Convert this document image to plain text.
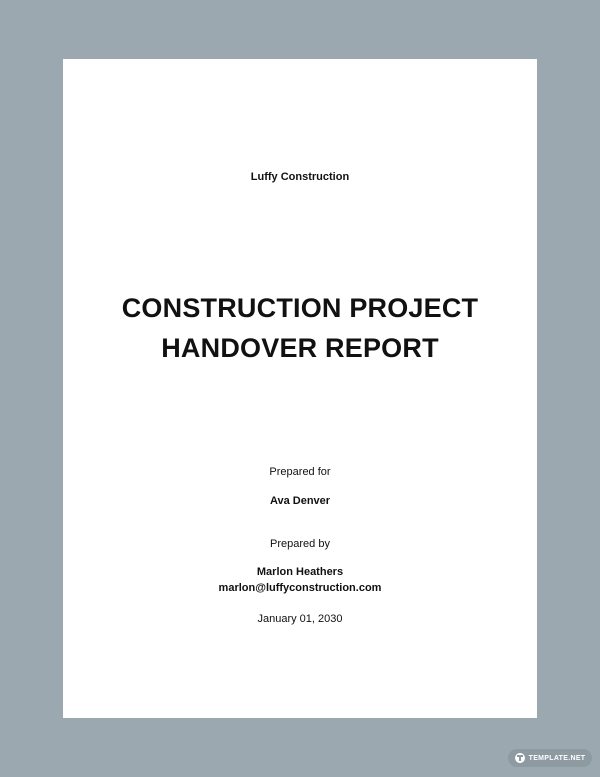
Luffy Construction
CONSTRUCTION PROJECT
HANDOVER REPORT
Prepared for
Ava Denver
Prepared by
Marlon Heathers
marlon@luffyconstruction.com
January 01, 2030
TEMPLATE.NET
